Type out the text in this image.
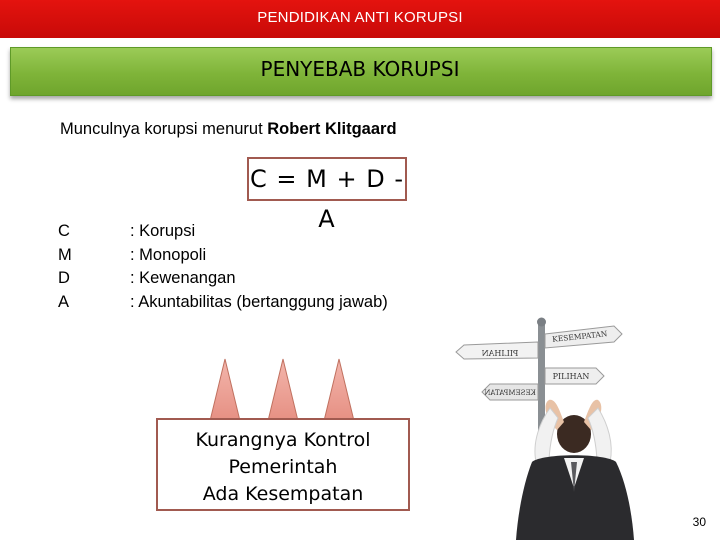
PENDIDIKAN ANTI KORUPSI
PENYEBAB KORUPSI
Munculnya korupsi menurut Robert Klitgaard
C = M + D - A
C	: Korupsi
M	: Monopoli
D	: Kewenangan
A	: Akuntabilitas (bertanggung jawab)
Kurangnya Kontrol
Pemerintah
Ada Kesempatan
KESEMPATAN
PILIHAN
PILIHAN
KESEMPATAN
30
